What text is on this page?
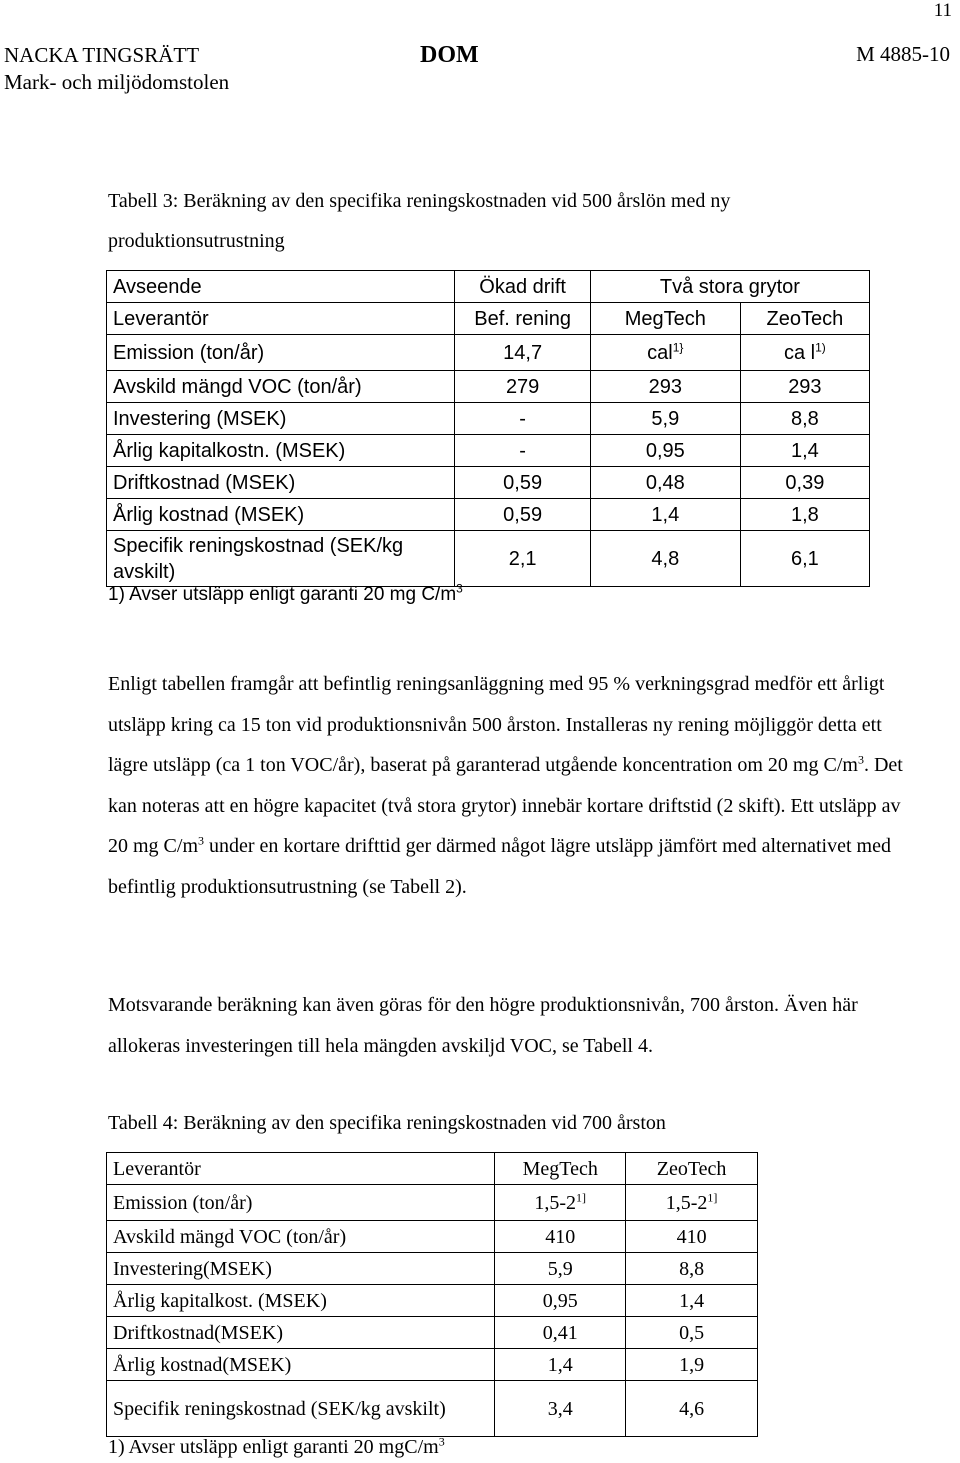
11
NACKA TINGSRÄTT
Mark- och miljödomstolen
DOM	M 4885-10
Tabell 3: Beräkning av den specifika reningskostnaden vid 500 årslön med ny
produktionsutrustning
Avseende	Ökad drift	Två stora grytor	
Leverantör	Bef. rening	MegTech	ZeoTech
Emission (ton/år)	14,7	cal$^{1\}}$	ca $l^{1)}$
Avskild mängd VOC (ton/år)	279	293	293
Investering (MSEK)	-	5,9	8,8
Årlig kapitalkostn. (MSEK)	-	0,95	1,4
Driftkostnad (MSEK)	0,59	0,48	0,39
Årlig kostnad (MSEK)	0,59	1,4	1,8
Specifik reningskostnad (SEK/kg avskilt)	2,1	4,8	6,1
1) Avser utsläpp enligt garanti 20 mg $C/m^3$
Enligt tabellen framgår att befintlig reningsanläggning med 95 % verkningsgrad medför ett årligt utsläpp kring ca 15 ton vid produktionsnivån 500 årston. Installeras ny rening möjliggör detta ett lägre utsläpp (ca 1 ton VOC/år), baserat på garanterad utgående koncentration om 20 mg $C/m^3$. Det kan noteras att en högre kapacitet (två stora grytor) innebär kortare driftstid (2 skift). Ett utsläpp av 20 mg $C/m^3$ under en kortare drifttid ger därmed något lägre utsläpp jämfört med alternativet med befintlig produktionsutrustning (se Tabell 2).
Motsvarande beräkning kan även göras för den högre produktionsnivån, 700 årston. Även här allokeras investeringen till hela mängden avskiljd VOC, se Tabell 4.
Tabell 4: Beräkning av den specifika reningskostnaden vid 700 årston
Leverantör	MegTech	ZeoTech
Emission (ton/år)	$1,5-2^{1]}$	$1,5-2^{1]}$
Avskild mängd VOC (ton/år)	410	410
Investering(MSEK)	5,9	8,8
Årlig kapitalkost. (MSEK)	0,95	1,4
Driftkostnad(MSEK)	0,41	0,5
Årlig kostnad(MSEK)	1,4	1,9
Specifik reningskostnad (SEK/kg avskilt)	3,4	4,6
1) Avser utsläpp enligt garanti 20 mgC/$m^3$
